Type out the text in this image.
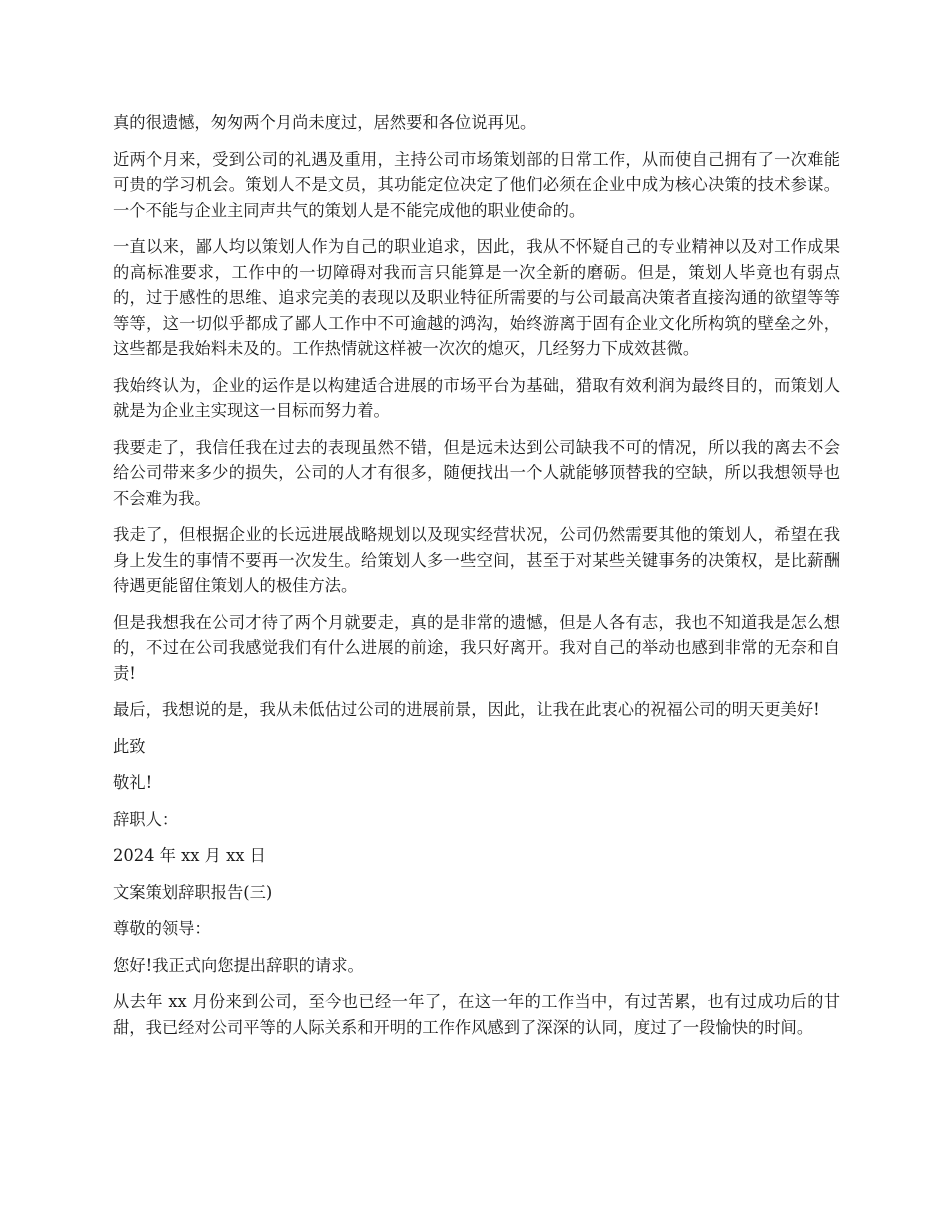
真的很遗憾，匆匆两个月尚未度过，居然要和各位说再见。

近两个月来，受到公司的礼遇及重用，主持公司市场策划部的日常工作，从而使自己拥有了一次难能可贵的学习机会。策划人不是文员，其功能定位决定了他们必须在企业中成为核心决策的技术参谋。一个不能与企业主同声共气的策划人是不能完成他的职业使命的。

一直以来，鄙人均以策划人作为自己的职业追求，因此，我从不怀疑自己的专业精神以及对工作成果的高标准要求，工作中的一切障碍对我而言只能算是一次全新的磨砺。但是，策划人毕竟也有弱点的，过于感性的思维、追求完美的表现以及职业特征所需要的与公司最高决策者直接沟通的欲望等等等等，这一切似乎都成了鄙人工作中不可逾越的鸿沟，始终游离于固有企业文化所构筑的壁垒之外，这些都是我始料未及的。工作热情就这样被一次次的熄灭，几经努力下成效甚微。

我始终认为，企业的运作是以构建适合进展的市场平台为基础，猎取有效利润为最终目的，而策划人就是为企业主实现这一目标而努力着。

我要走了，我信任我在过去的表现虽然不错，但是远未达到公司缺我不可的情况，所以我的离去不会给公司带来多少的损失，公司的人才有很多，随便找出一个人就能够顶替我的空缺，所以我想领导也不会难为我。

我走了，但根据企业的长远进展战略规划以及现实经营状况，公司仍然需要其他的策划人，希望在我身上发生的事情不要再一次发生。给策划人多一些空间，甚至于对某些关键事务的决策权，是比薪酬待遇更能留住策划人的极佳方法。

但是我想我在公司才待了两个月就要走，真的是非常的遗憾，但是人各有志，我也不知道我是怎么想的，不过在公司我感觉我们有什么进展的前途，我只好离开。我对自己的举动也感到非常的无奈和自责!

最后，我想说的是，我从未低估过公司的进展前景，因此，让我在此衷心的祝福公司的明天更美好!

此致

敬礼!

辞职人：

2024 年 xx 月 xx 日

文案策划辞职报告(三)

尊敬的领导：

您好!我正式向您提出辞职的请求。

从去年 xx 月份来到公司，至今也已经一年了，在这一年的工作当中，有过苦累，也有过成功后的甘甜，我已经对公司平等的人际关系和开明的工作作风感到了深深的认同，度过了一段愉快的时间。
